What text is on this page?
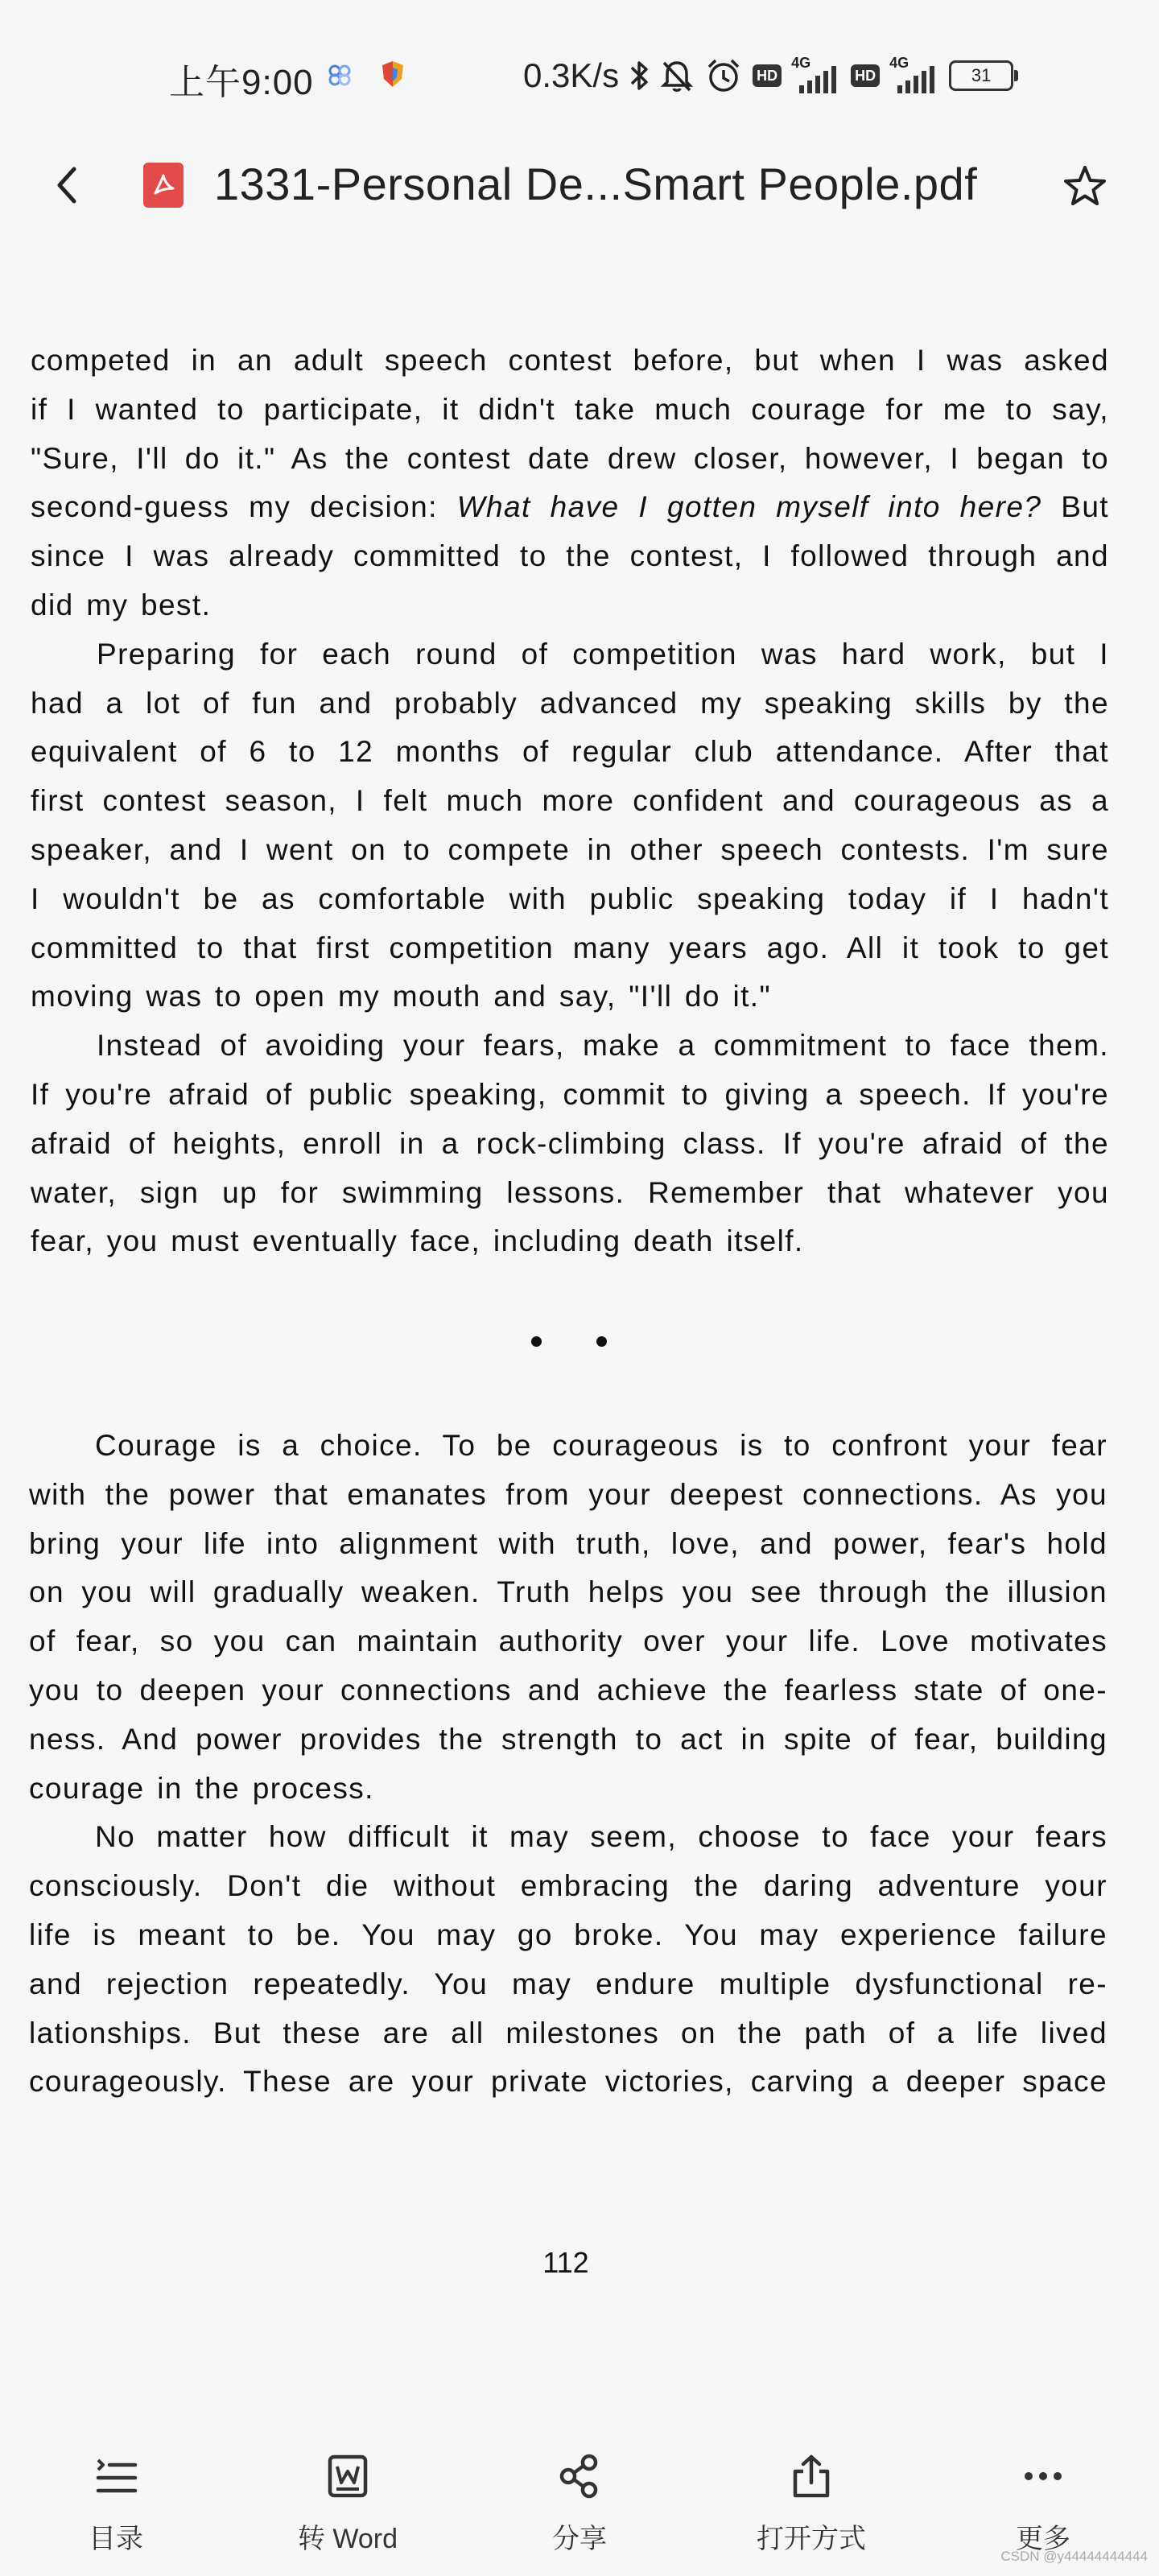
上午9:00	0.3K/s	HD
4G
HD
4G
31
1331-Personal De...Smart People.pdf

competed in an adult speech contest before, but when I was asked

if I wanted to participate, it didn't take much courage for me to say,

"Sure, I'll do it." As the contest date drew closer, however, I began to

second-guess my decision: What have I gotten myself into here? But

since I was already committed to the contest, I followed through and

did my best.

Preparing for each round of competition was hard work, but I

had a lot of fun and probably advanced my speaking skills by the

equivalent of 6 to 12 months of regular club attendance. After that

first contest season, I felt much more confident and courageous as a

speaker, and I went on to compete in other speech contests. I'm sure

I wouldn't be as comfortable with public speaking today if I hadn't

committed to that first competition many years ago. All it took to get

moving was to open my mouth and say, "I'll do it."

Instead of avoiding your fears, make a commitment to face them.

If you're afraid of public speaking, commit to giving a speech. If you're

afraid of heights, enroll in a rock-climbing class. If you're afraid of the

water, sign up for swimming lessons. Remember that whatever you

fear, you must eventually face, including death itself.

Courage is a choice. To be courageous is to confront your fear

with the power that emanates from your deepest connections. As you

bring your life into alignment with truth, love, and power, fear's hold

on you will gradually weaken. Truth helps you see through the illusion

of fear, so you can maintain authority over your life. Love motivates

you to deepen your connections and achieve the fearless state of one-

ness. And power provides the strength to act in spite of fear, building

courage in the process.

No matter how difficult it may seem, choose to face your fears

consciously. Don't die without embracing the daring adventure your

life is meant to be. You may go broke. You may experience failure

and rejection repeatedly. You may endure multiple dysfunctional re-

lationships. But these are all milestones on the path of a life lived

courageously. These are your private victories, carving a deeper space

112
目录	转 Word	分享	打开方式	更多
CSDN @y44444444444
